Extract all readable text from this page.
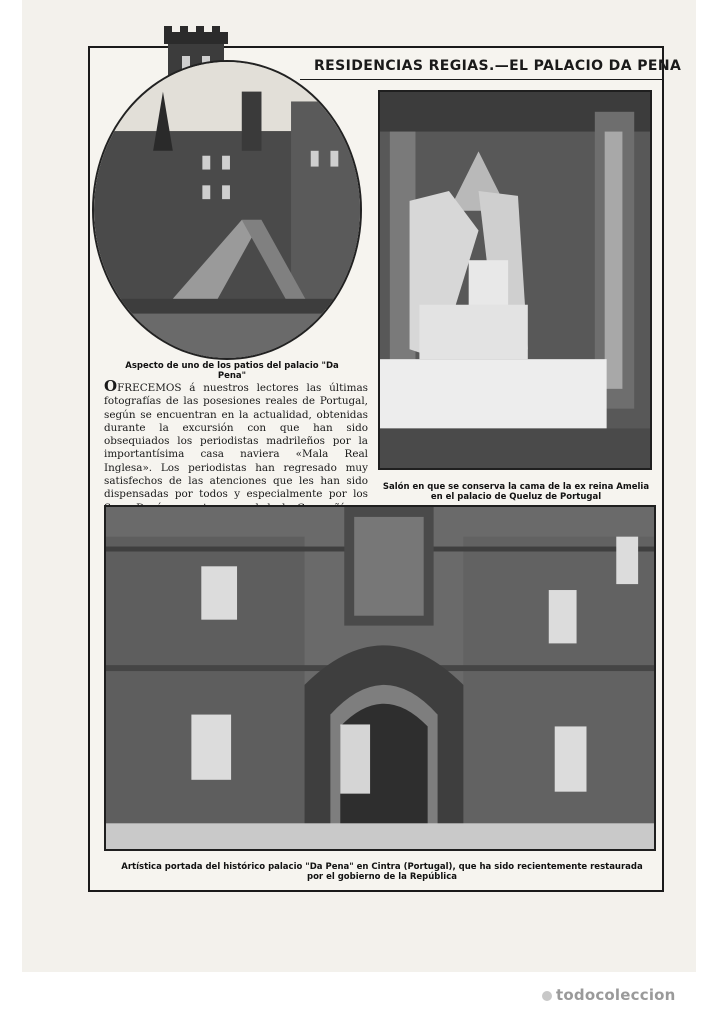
RESIDENCIAS REGIAS.—EL PALACIO DA PENA
Aspecto de uno de los patios del palacio "Da Pena"
Salón en que se conserva la cama de la ex reina Amelia en el palacio de Queluz de Portugal
OFRECEMOS á nuestros lectores las últimas fotografías de las posesiones reales de Portugal, según se encuentran en la actualidad, obtenidas durante la excursión con que han sido obsequiados los periodistas madrileños por la importantísima casa naviera «Mala Real Inglesa». Los periodistas han regresado muy satisfechos de las atenciones que les han sido dispensadas por todos y especialmente por los
Artística portada del histórico palacio "Da Pena" en Cintra (Portugal), que ha sido recientemente restaurada por el gobierno de la República
todocoleccion
